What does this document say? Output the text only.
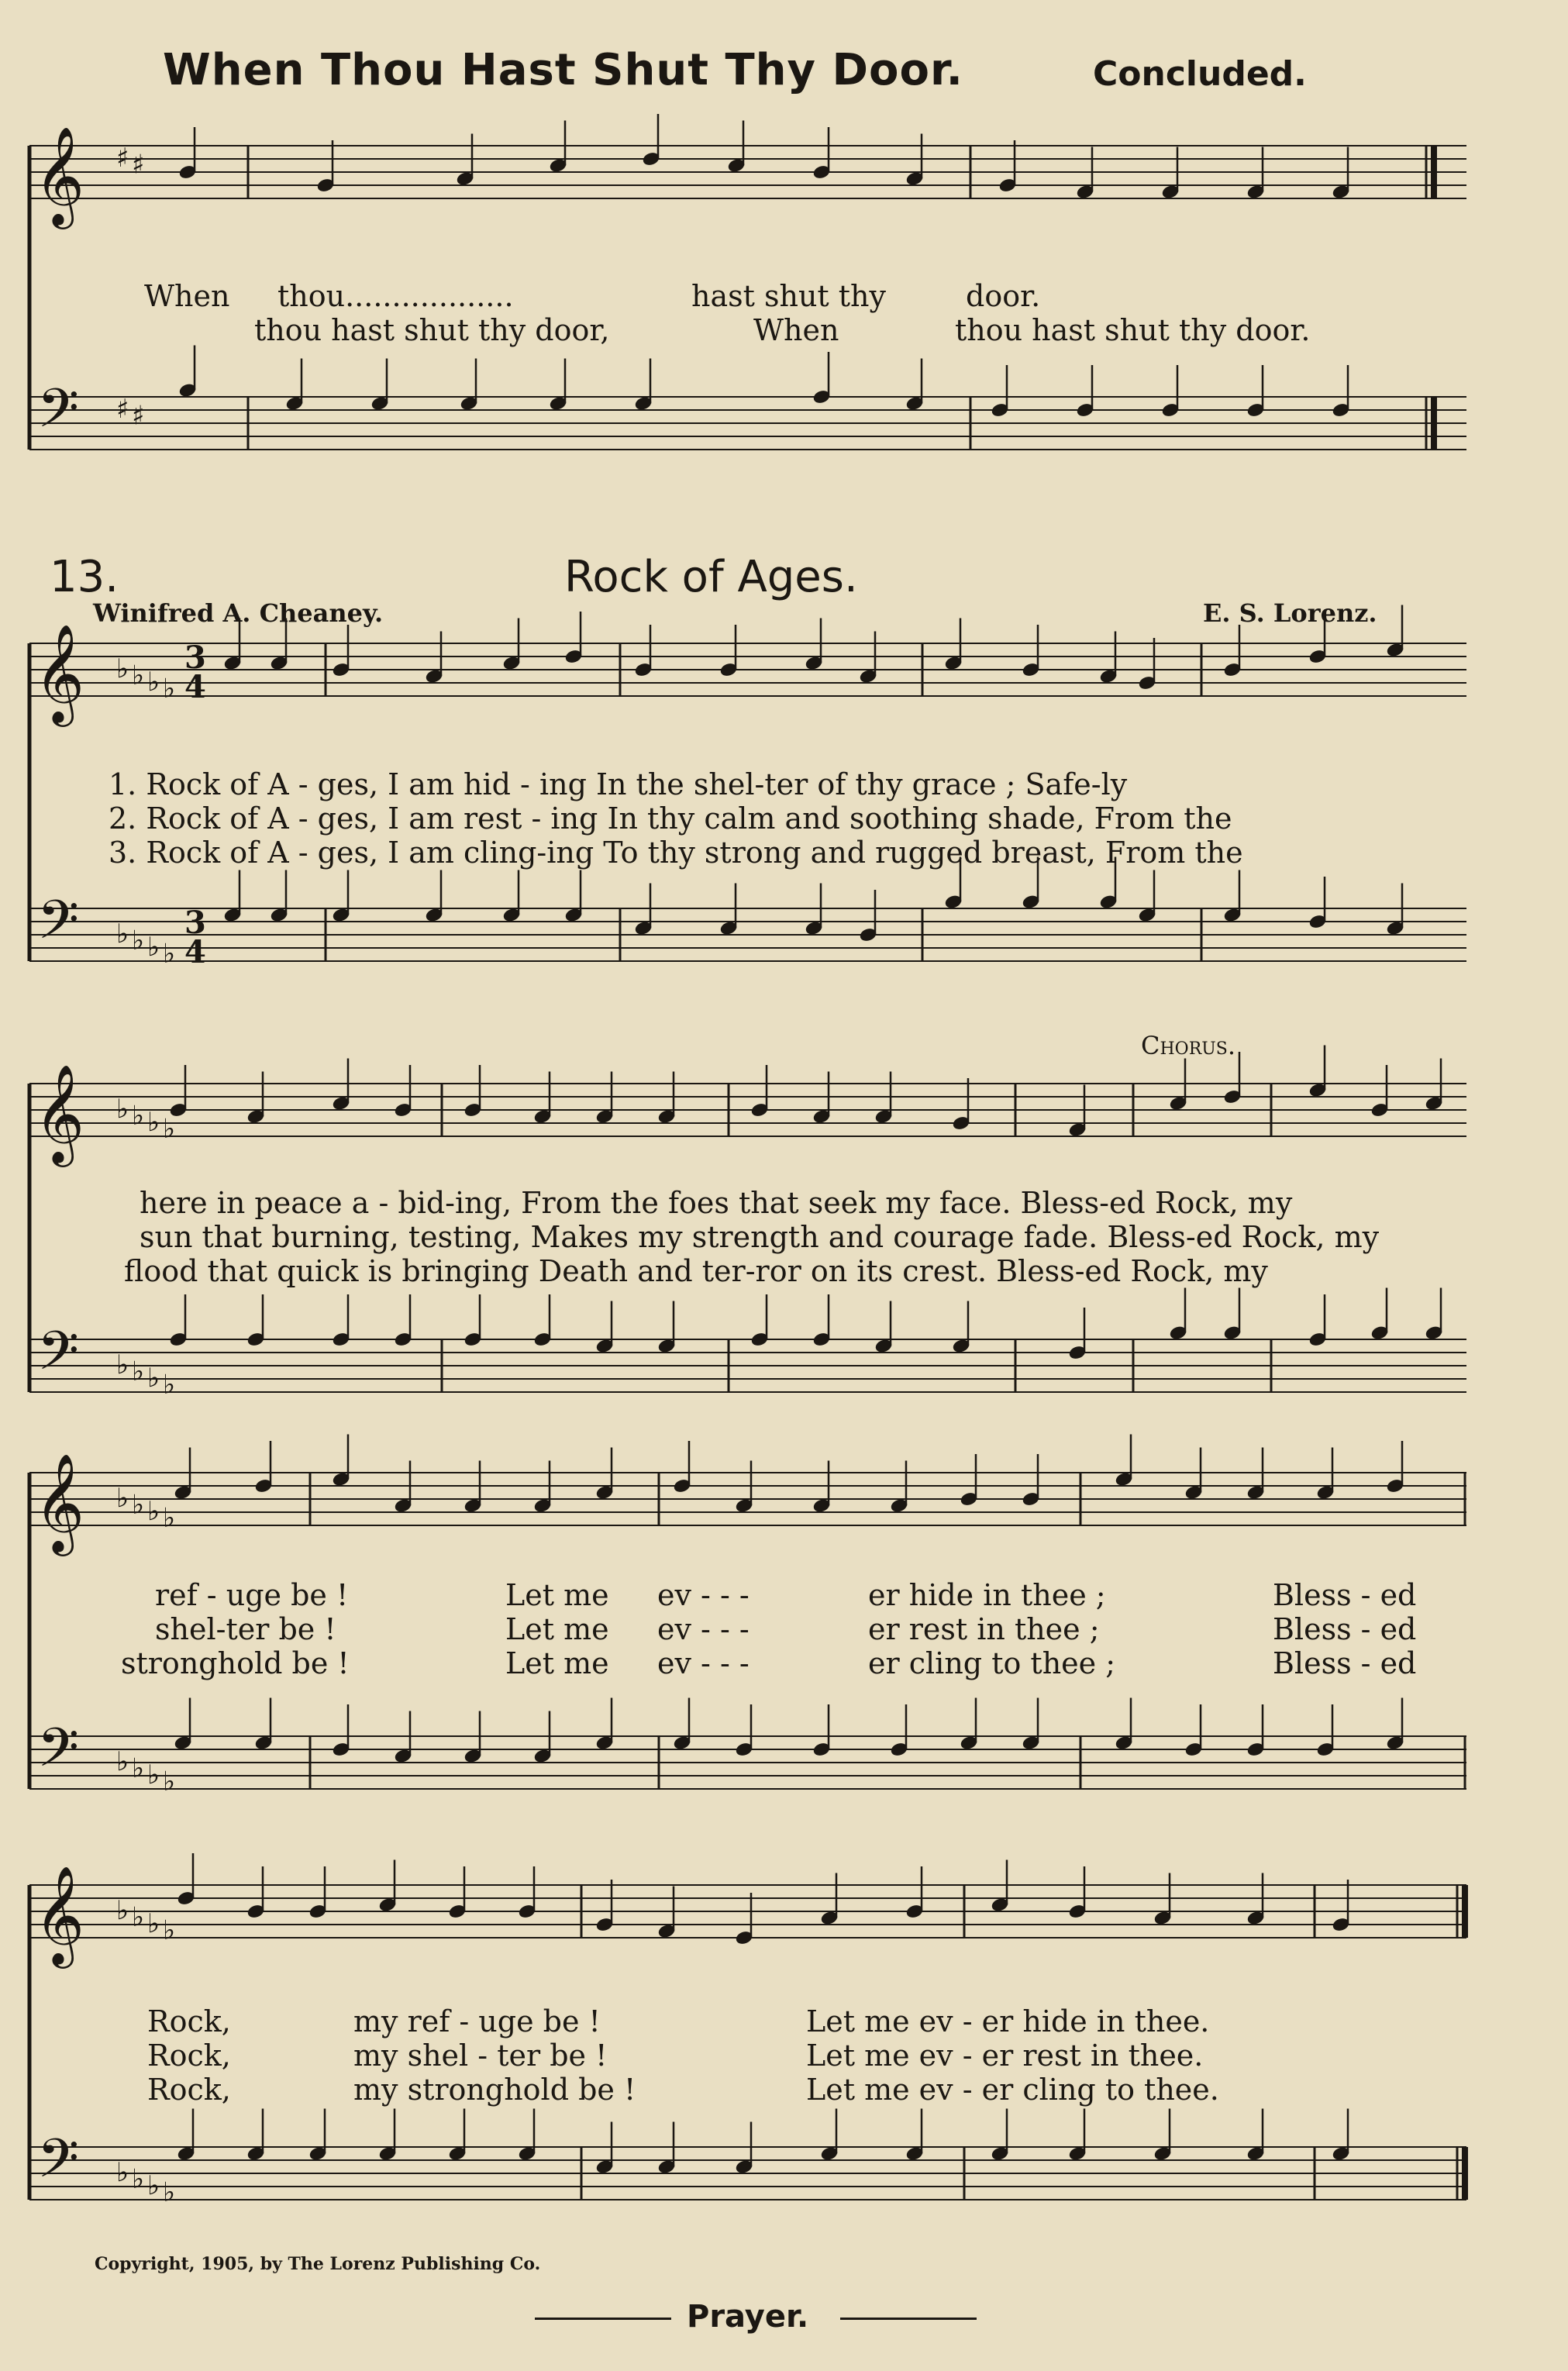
When Thou Hast Shut Thy Door.	Concluded.
𝄞
𝄢
♯ ♯
♯ ♯
𝄞
𝄢
♭ ♭ ♭ ♭
♭ ♭ ♭ ♭
3
4
3
4
𝄞
𝄢
♭ ♭ ♭ ♭
♭ ♭ ♭ ♭
𝄞
𝄢
♭ ♭ ♭ ♭
♭ ♭ ♭ ♭
𝄞
𝄢
♭ ♭ ♭ ♭
♭ ♭ ♭ ♭
When thou..................	hast shut thy	door.
thou hast shut thy door,	When	thou hast shut thy door.
13.	Rock of Ages.
Winifred A. Cheaney.	E. S. Lorenz.
1. Rock of A - ges, I am hid - ing In the shel-ter of thy grace ; Safe-ly
2. Rock of A - ges, I am rest - ing In thy calm and soothing shade, From the
3. Rock of A - ges, I am cling-ing To thy strong and rugged breast, From the
Chorus.
here in peace a - bid-ing, From the foes that seek my face. Bless-ed Rock, my
sun that burning, testing, Makes my strength and courage fade. Bless-ed Rock, my
flood that quick is bringing Death and ter-ror on its crest. Bless-ed Rock, my
ref - uge be !	Let me ev - - -	er hide in thee ;	Bless - ed
shel-ter be !	Let me ev - - -	er rest in thee ;	Bless - ed
stronghold be !	Let me ev - - -	er cling to thee ;	Bless - ed
Rock,	my ref - uge be !	Let me ev - er hide in thee.
Rock,	my shel - ter be !	Let me ev - er rest in thee.
Rock,	my stronghold be !	Let me ev - er cling to thee.
Copyright, 1905, by The Lorenz Publishing Co.
Prayer.
